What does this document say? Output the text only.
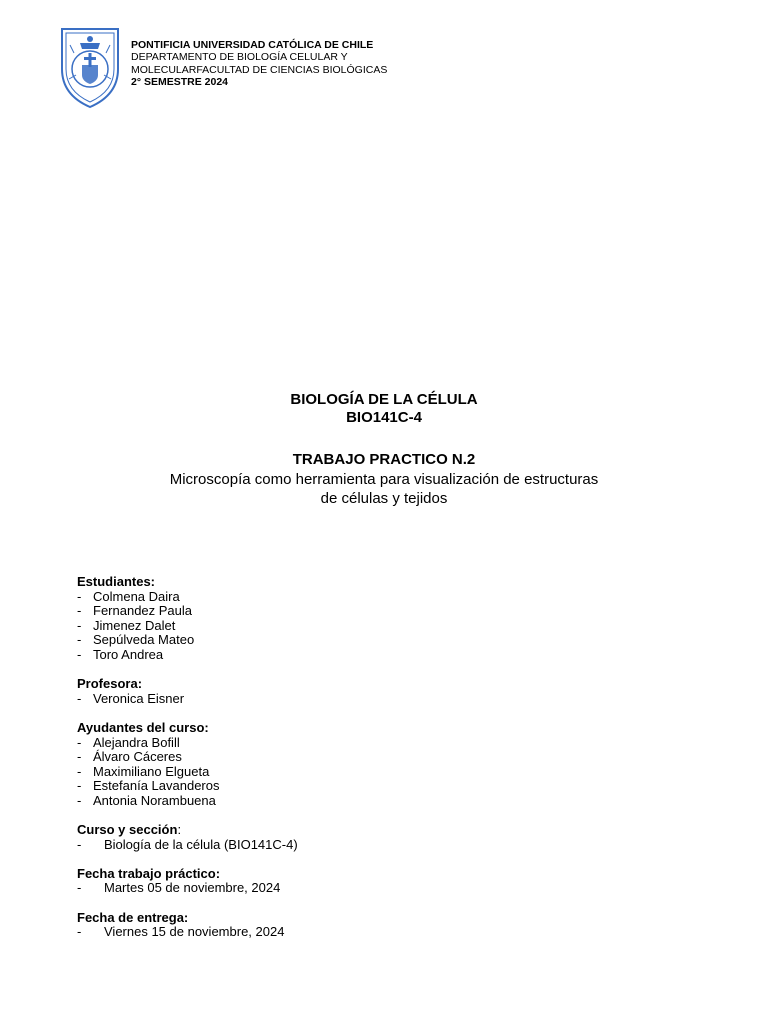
PONTIFICIA UNIVERSIDAD CATÓLICA DE CHILE
DEPARTAMENTO DE BIOLOGÍA CELULAR Y
MOLECULARFACULTAD DE CIENCIAS BIOLÓGICAS
2° SEMESTRE 2024
BIOLOGÍA DE LA CÉLULA
BIO141C-4
TRABAJO PRACTICO N.2
Microscopía como herramienta para visualización de estructuras
de células y tejidos
Estudiantes:
- Colmena Daira
- Fernandez Paula
- Jimenez Dalet
- Sepúlveda Mateo
- Toro Andrea
Profesora:
- Veronica Eisner
Ayudantes del curso:
- Alejandra Bofill
- Álvaro Cáceres
- Maximiliano Elgueta
- Estefanía Lavanderos
- Antonia Norambuena
Curso y sección:
-	Biología de la célula (BIO141C-4)
Fecha trabajo práctico:
-	Martes 05 de noviembre, 2024
Fecha de entrega:
-	Viernes 15 de noviembre, 2024
